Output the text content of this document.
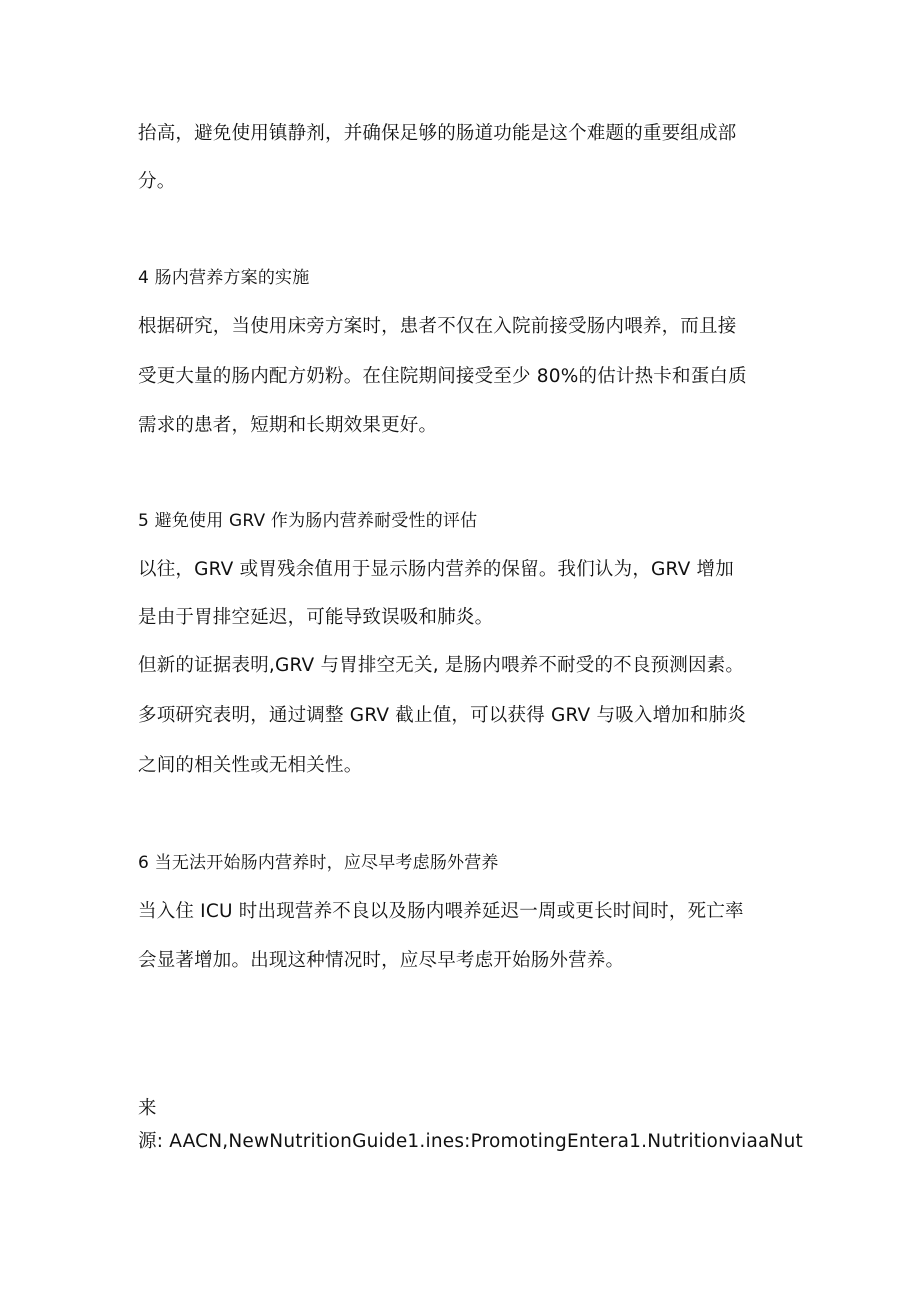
抬高，避免使用镇静剂，并确保足够的肠道功能是这个难题的重要组成部
分。
4 肠内营养方案的实施
根据研究，当使用床旁方案时，患者不仅在入院前接受肠内喂养，而且接
受更大量的肠内配方奶粉。在住院期间接受至少 80%的估计热卡和蛋白质
需求的患者，短期和长期效果更好。
5 避免使用 GRV 作为肠内营养耐受性的评估
以往，GRV 或胃残余值用于显示肠内营养的保留。我们认为，GRV 增加
是由于胃排空延迟，可能导致误吸和肺炎。
但新的证据表明,GRV 与胃排空无关, 是肠内喂养不耐受的不良预测因素。
多项研究表明，通过调整 GRV 截止值，可以获得 GRV 与吸入增加和肺炎
之间的相关性或无相关性。
6 当无法开始肠内营养时，应尽早考虑肠外营养
当入住 ICU 时出现营养不良以及肠内喂养延迟一周或更长时间时，死亡率
会显著增加。出现这种情况时，应尽早考虑开始肠外营养。
来
源: AACN,NewNutritionGuide1.ines:PromotingEntera1.NutritionviaaNut
